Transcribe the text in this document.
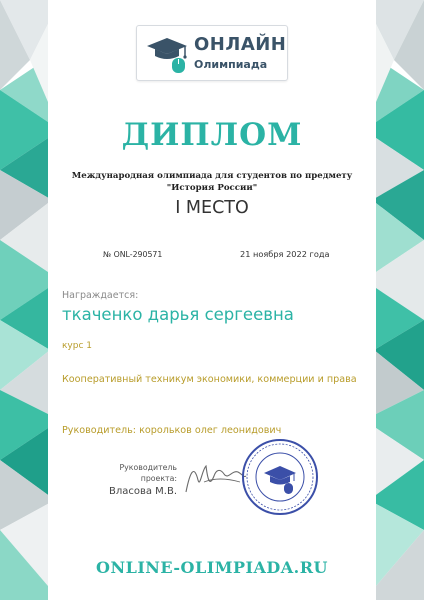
ОНЛАЙН
Олимпиада
ДИПЛОМ
Международная олимпиада для студентов по предмету "История России"
I МЕСТО
№ ONL-290571	21 ноября 2022 года
Награждается:
ткаченко дарья сергеевна
курс 1
Кооперативный техникум экономики, коммерции и права
Руководитель: корольков олег леонидович
Руководитель
проекта:
Власова М.В.
ONLINE-OLIMPIADA.RU
